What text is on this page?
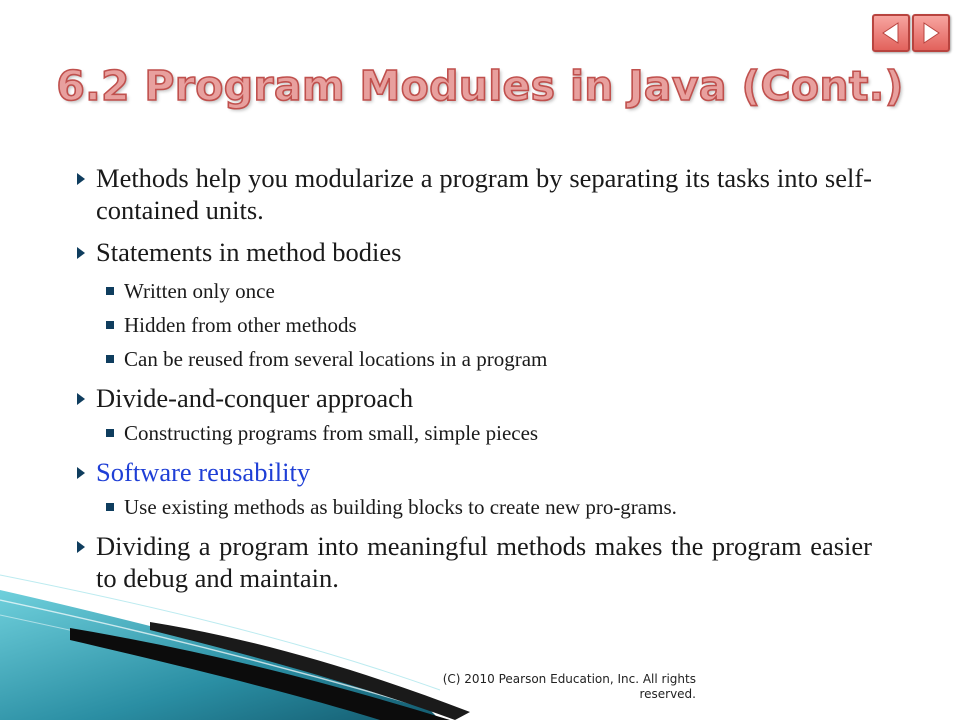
6.2 Program Modules in Java (Cont.)
Methods help you modularize a program by separating its tasks into self-contained units.
Statements in method bodies
Written only once
Hidden from other methods
Can be reused from several locations in a program
Divide-and-conquer approach
Constructing programs from small, simple pieces
Software reusability
Use existing methods as building blocks to create new pro-grams.
Dividing a program into meaningful methods makes the program easier to debug and maintain.
(C) 2010 Pearson Education, Inc. All rights reserved.
